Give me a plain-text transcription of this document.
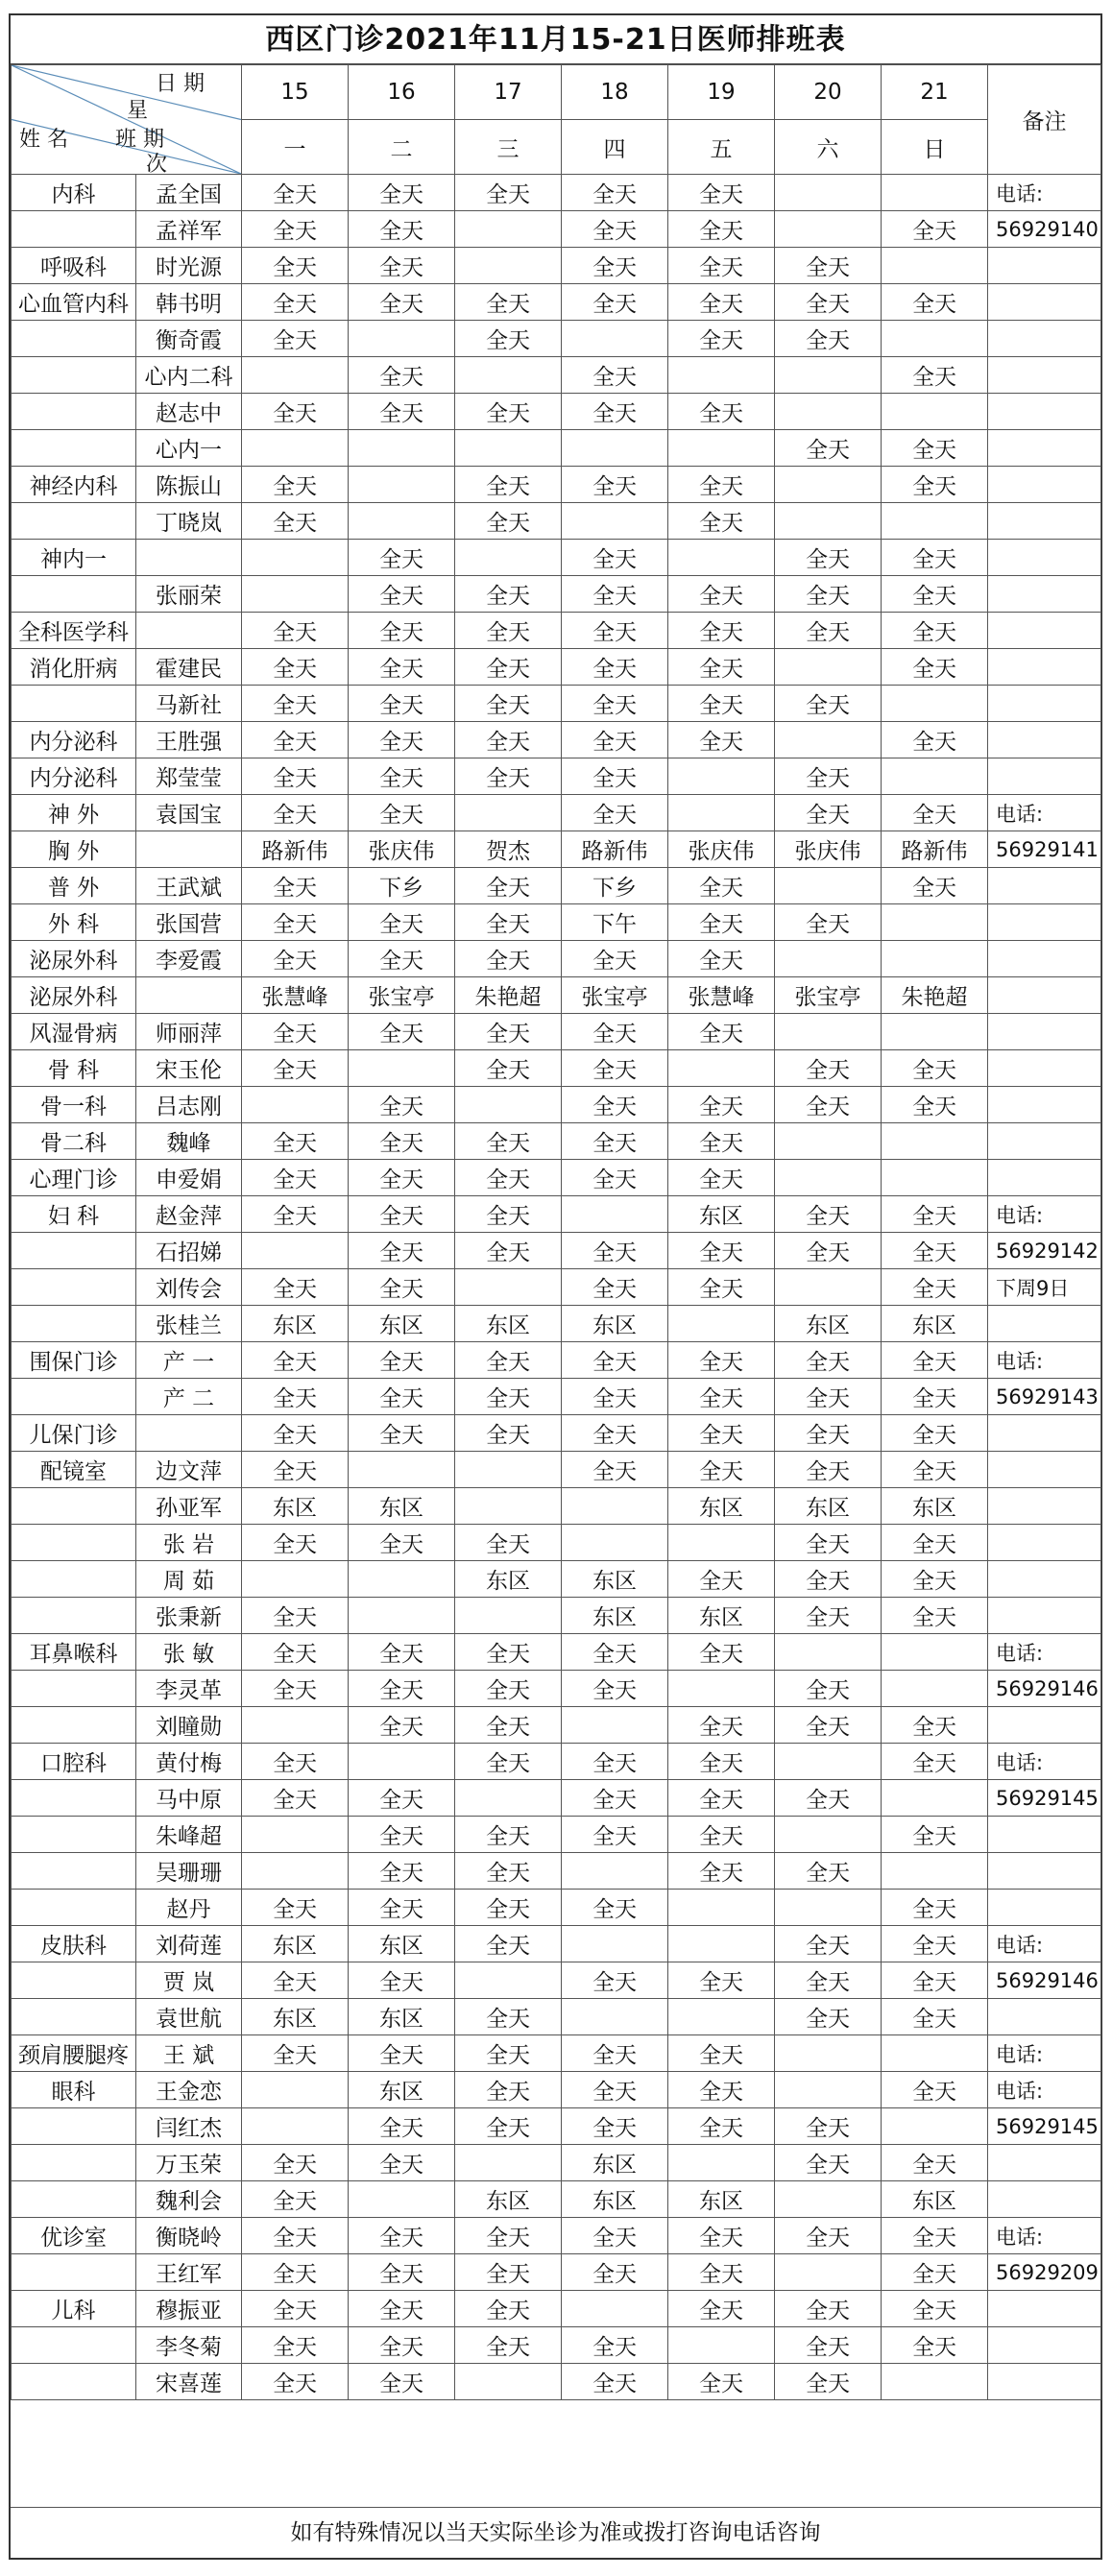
西区门诊2021年11月15-21日医师排班表
日 期
星
班 期
姓 名
次		15	16	17	18	19	20	21	备注
		一	二	三	四	五	六	日	
内科	孟全国	全天	全天	全天	全天	全天			电话:
	孟祥军	全天	全天		全天	全天		全天	56929140
呼吸科	时光源	全天	全天		全天	全天	全天		
心血管内科	韩书明	全天	全天	全天	全天	全天	全天	全天	
	衡奇霞	全天		全天		全天	全天		
	心内二科		全天		全天			全天	
	赵志中	全天	全天	全天	全天	全天			
	心内一						全天	全天	
神经内科	陈振山	全天		全天	全天	全天		全天	
	丁晓岚	全天		全天		全天			
神内一			全天		全天		全天	全天	
	张丽荣		全天	全天	全天	全天	全天	全天	
全科医学科		全天	全天	全天	全天	全天	全天	全天	
消化肝病	霍建民	全天	全天	全天	全天	全天		全天	
	马新社	全天	全天	全天	全天	全天	全天		
内分泌科	王胜强	全天	全天	全天	全天	全天		全天	
内分泌科	郑莹莹	全天	全天	全天	全天		全天		
神 外	袁国宝	全天	全天		全天		全天	全天	电话:
胸 外		路新伟	张庆伟	贺杰	路新伟	张庆伟	张庆伟	路新伟	56929141
普 外	王武斌	全天	下乡	全天	下乡	全天		全天	
外 科	张国营	全天	全天	全天	下午	全天	全天		
泌尿外科	李爱霞	全天	全天	全天	全天	全天			
泌尿外科		张慧峰	张宝亭	朱艳超	张宝亭	张慧峰	张宝亭	朱艳超	
风湿骨病	师丽萍	全天	全天	全天	全天	全天			
骨 科	宋玉伦	全天		全天	全天		全天	全天	
骨一科	吕志刚		全天		全天	全天	全天	全天	
骨二科	魏峰	全天	全天	全天	全天	全天			
心理门诊	申爱娟	全天	全天	全天	全天	全天			
妇 科	赵金萍	全天	全天	全天		东区	全天	全天	电话:
	石招娣		全天	全天	全天	全天	全天	全天	56929142
	刘传会	全天	全天		全天	全天		全天	下周9日
	张桂兰	东区	东区	东区	东区		东区	东区	
围保门诊	产 一	全天	全天	全天	全天	全天	全天	全天	电话:
	产 二	全天	全天	全天	全天	全天	全天	全天	56929143
儿保门诊		全天	全天	全天	全天	全天	全天	全天	
配镜室	边文萍	全天			全天	全天	全天	全天	
	孙亚军	东区	东区			东区	东区	东区	
	张 岩	全天	全天	全天			全天	全天	
	周 茹			东区	东区	全天	全天	全天	
	张秉新	全天			东区	东区	全天	全天	
耳鼻喉科	张 敏	全天	全天	全天	全天	全天			电话:
	李灵革	全天	全天	全天	全天		全天		56929146
	刘瞳勋		全天	全天		全天	全天	全天	
口腔科	黄付梅	全天		全天	全天	全天		全天	电话:
	马中原	全天	全天		全天	全天	全天		56929145
	朱峰超		全天	全天	全天	全天		全天	
	吴珊珊		全天	全天		全天	全天		
	赵丹	全天	全天	全天	全天			全天	
皮肤科	刘荷莲	东区	东区	全天			全天	全天	电话:
	贾 岚	全天	全天		全天	全天	全天	全天	56929146
	袁世航	东区	东区	全天			全天	全天	
颈肩腰腿疼	王 斌	全天	全天	全天	全天	全天			电话:
眼科	王金恋		东区	全天	全天	全天		全天	电话:
	闫红杰		全天	全天	全天	全天	全天		56929145
	万玉荣	全天	全天		东区		全天	全天	
	魏利会	全天		东区	东区	东区		东区	
优诊室	衡晓岭	全天	全天	全天	全天	全天	全天	全天	电话:
	王红军	全天	全天	全天	全天	全天		全天	56929209
儿科	穆振亚	全天	全天	全天		全天	全天	全天	
	李冬菊	全天	全天	全天	全天		全天	全天	
	宋喜莲	全天	全天		全天	全天	全天		
如有特殊情况以当天实际坐诊为准或拨打咨询电话咨询
